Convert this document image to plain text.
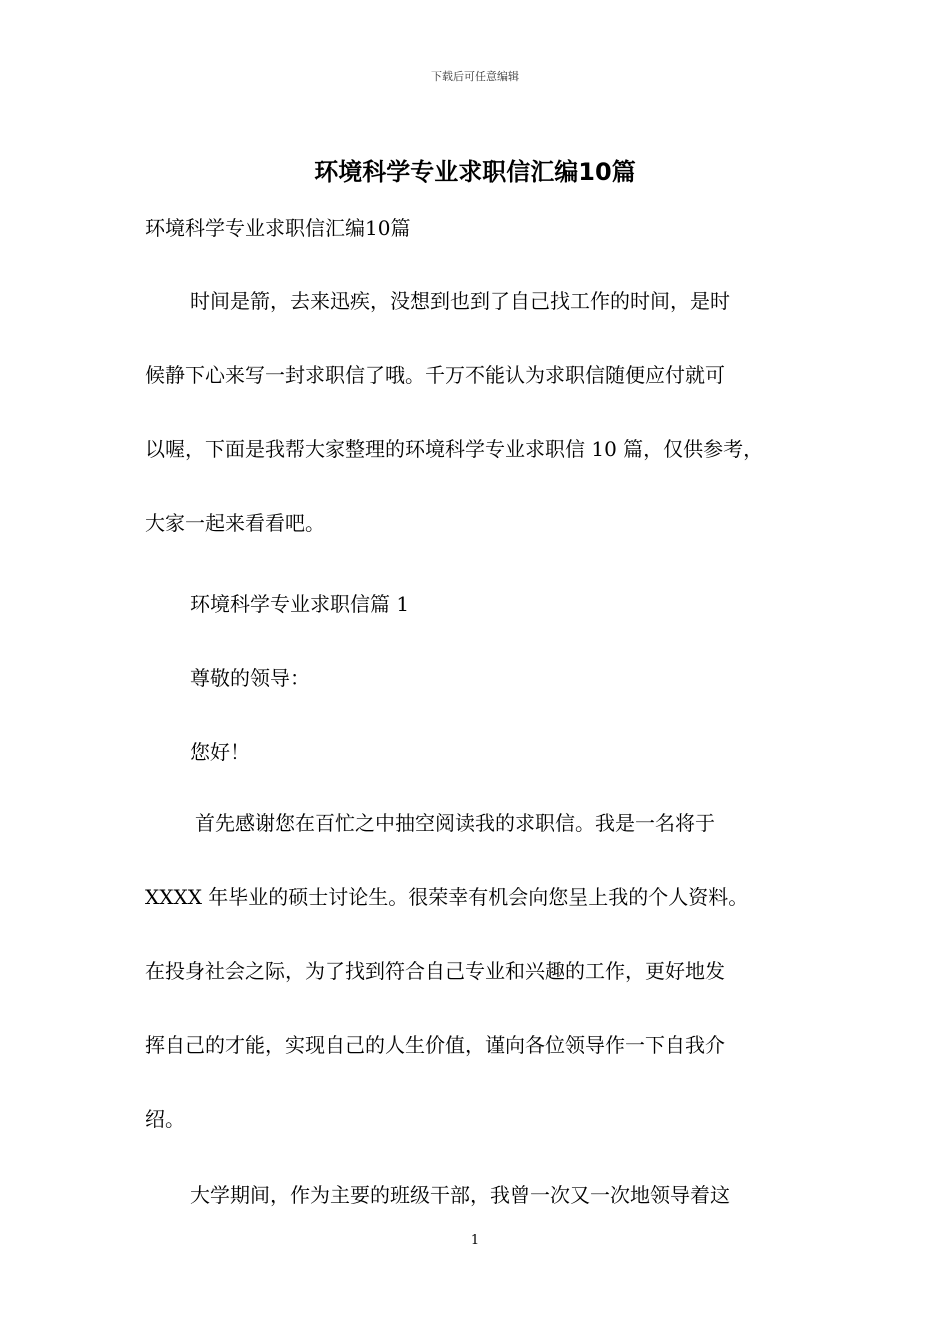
下载后可任意编辑
环境科学专业求职信汇编10篇
环境科学专业求职信汇编10篇
时间是箭，去来迅疾，没想到也到了自己找工作的时间，是时
候静下心来写一封求职信了哦。千万不能认为求职信随便应付就可
以喔，下面是我帮大家整理的环境科学专业求职信 10 篇，仅供参考，
大家一起来看看吧。
环境科学专业求职信篇 1
尊敬的领导：
您好！
首先感谢您在百忙之中抽空阅读我的求职信。我是一名将于
XXXX 年毕业的硕士讨论生。很荣幸有机会向您呈上我的个人资料。
在投身社会之际，为了找到符合自己专业和兴趣的工作，更好地发
挥自己的才能，实现自己的人生价值，谨向各位领导作一下自我介
绍。
大学期间，作为主要的班级干部，我曾一次又一次地领导着这
1
